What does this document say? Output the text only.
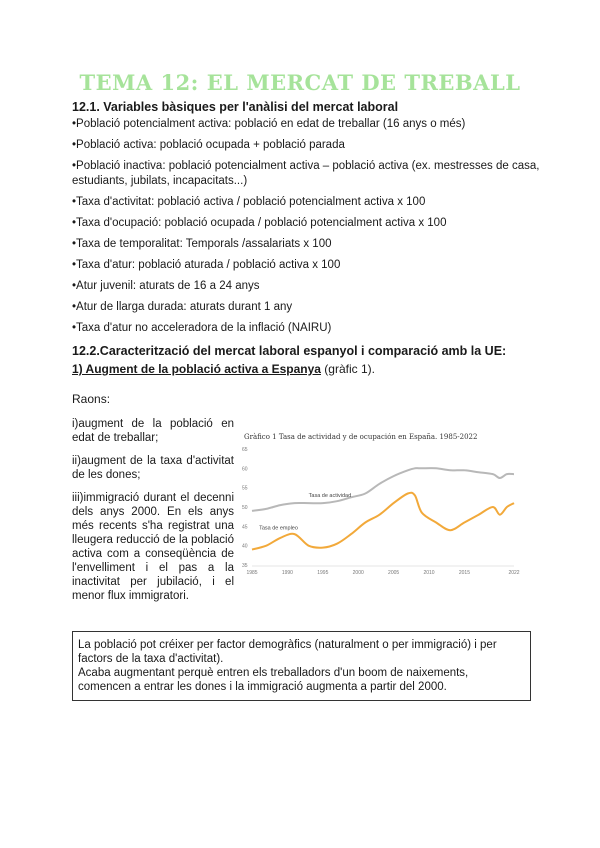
TEMA 12: EL MERCAT DE TREBALL
12.1. Variables bàsiques per l'anàlisi del mercat laboral
•Població potencialment activa: població en edat de treballar (16 anys o més)
•Població activa: població ocupada + població parada
•Població inactiva: població potencialment activa – població activa (ex. mestresses de casa, estudiants, jubilats, incapacitats...)
•Taxa d'activitat: població activa / població potencialment activa x 100
•Taxa d'ocupació: població ocupada / població potencialment activa x 100
•Taxa de temporalitat: Temporals /assalariats x 100
•Taxa d'atur: població aturada / població activa x 100
•Atur juvenil: aturats de 16 a 24 anys
•Atur de llarga durada: aturats durant 1 any
•Taxa d'atur no acceleradora de la inflació (NAIRU)
12.2.Caracterització del mercat laboral espanyol i comparació amb la UE:
1) Augment de la població activa a Espanya (gràfic 1).
Raons:

i)augment de la població en edat de treballar;

ii)augment de la taxa d'activitat de les dones;

iii)immigració durant el decenni dels anys 2000. En els anys més recents s'ha registrat una lleugera reducció de la població activa com a conseqüència de l'envelliment i el pas a la inactivitat per jubilació, i el menor flux immigratori.

Gràfico 1 Tasa de actividad y de ocupación en España. 1985-2022
35
40
45
50
55
60
65
1985	1990	1995	2000	2005	2010	2015	2022
Tasa de actividad
Tasa de empleo
La població pot créixer per factor demogràfics (naturalment o per immigració) i per factors de la taxa d'activitat).
Acaba augmentant perquè entren els treballadors d'un boom de naixements, comencen a entrar les dones i la immigració augmenta a partir del 2000.
